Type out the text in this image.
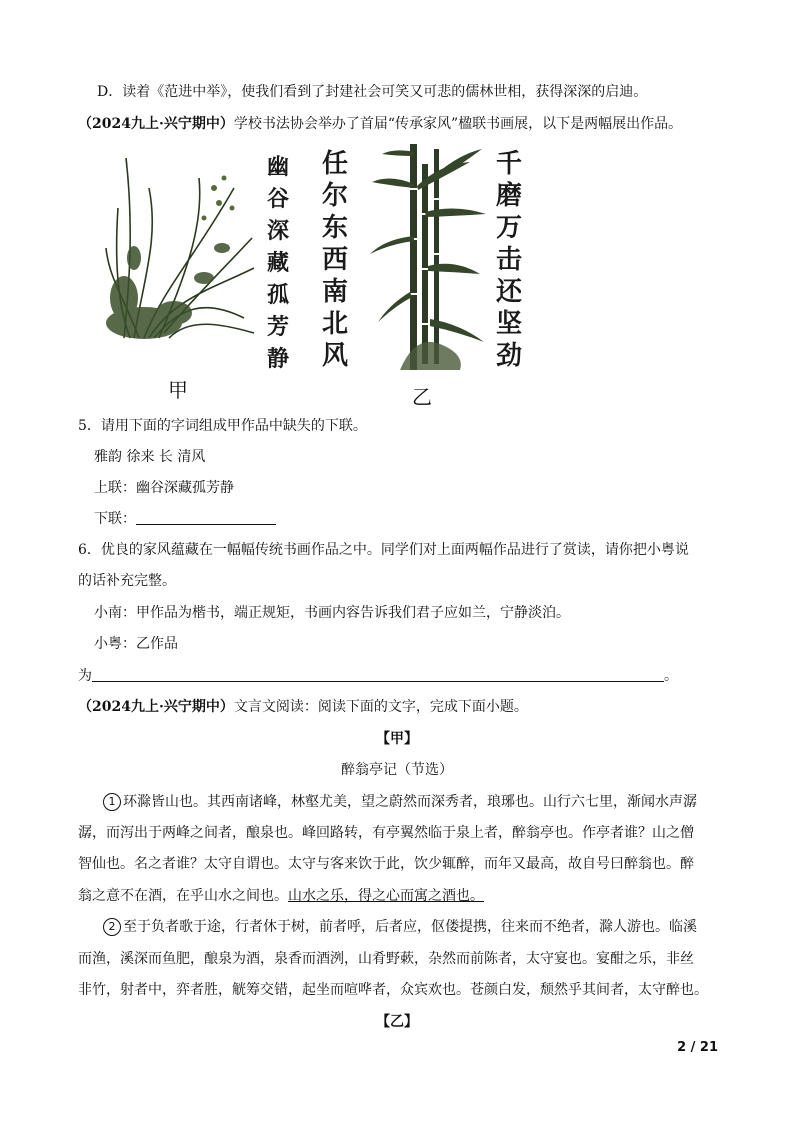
D．读着《范进中举》，使我们看到了封建社会可笑又可悲的儒林世相，获得深深的启迪。
（2024九上·兴宁期中）学校书法协会举办了首届“传承家风”楹联书画展，以下是两幅展出作品。
幽谷深藏孤芳静
任尔东西南北风
千磨万击还坚劲
甲	乙
5．请用下面的字词组成甲作品中缺失的下联。
雅韵 徐来 长 清风
上联：幽谷深藏孤芳静
下联：
6．优良的家风蕴藏在一幅幅传统书画作品之中。同学们对上面两幅作品进行了赏读，请你把小粤说
的话补充完整。
小南：甲作品为楷书，端正规矩，书画内容告诉我们君子应如兰，宁静淡泊。
小粤：乙作品
为	。
（2024九上·兴宁期中）文言文阅读：阅读下面的文字，完成下面小题。
【甲】
醉翁亭记（节选）
1 环滁皆山也。其西南诸峰，林壑尤美，望之蔚然而深秀者，琅琊也。山行六七里，渐闻水声潺
潺，而泻出于两峰之间者，酿泉也。峰回路转，有亭翼然临于泉上者，醉翁亭也。作亭者谁？山之僧
智仙也。名之者谁？太守自谓也。太守与客来饮于此，饮少辄醉，而年又最高，故自号曰醉翁也。醉
翁之意不在酒，在乎山水之间也。山水之乐，得之心而寓之酒也。
2 至于负者歌于途，行者休于树，前者呼，后者应，伛偻提携，往来而不绝者，滁人游也。临溪
而渔，溪深而鱼肥，酿泉为酒，泉香而酒洌，山肴野蔌，杂然而前陈者，太守宴也。宴酣之乐，非丝
非竹，射者中，弈者胜，觥筹交错，起坐而喧哗者，众宾欢也。苍颜白发，颓然乎其间者，太守醉也。
【乙】
2 / 21
